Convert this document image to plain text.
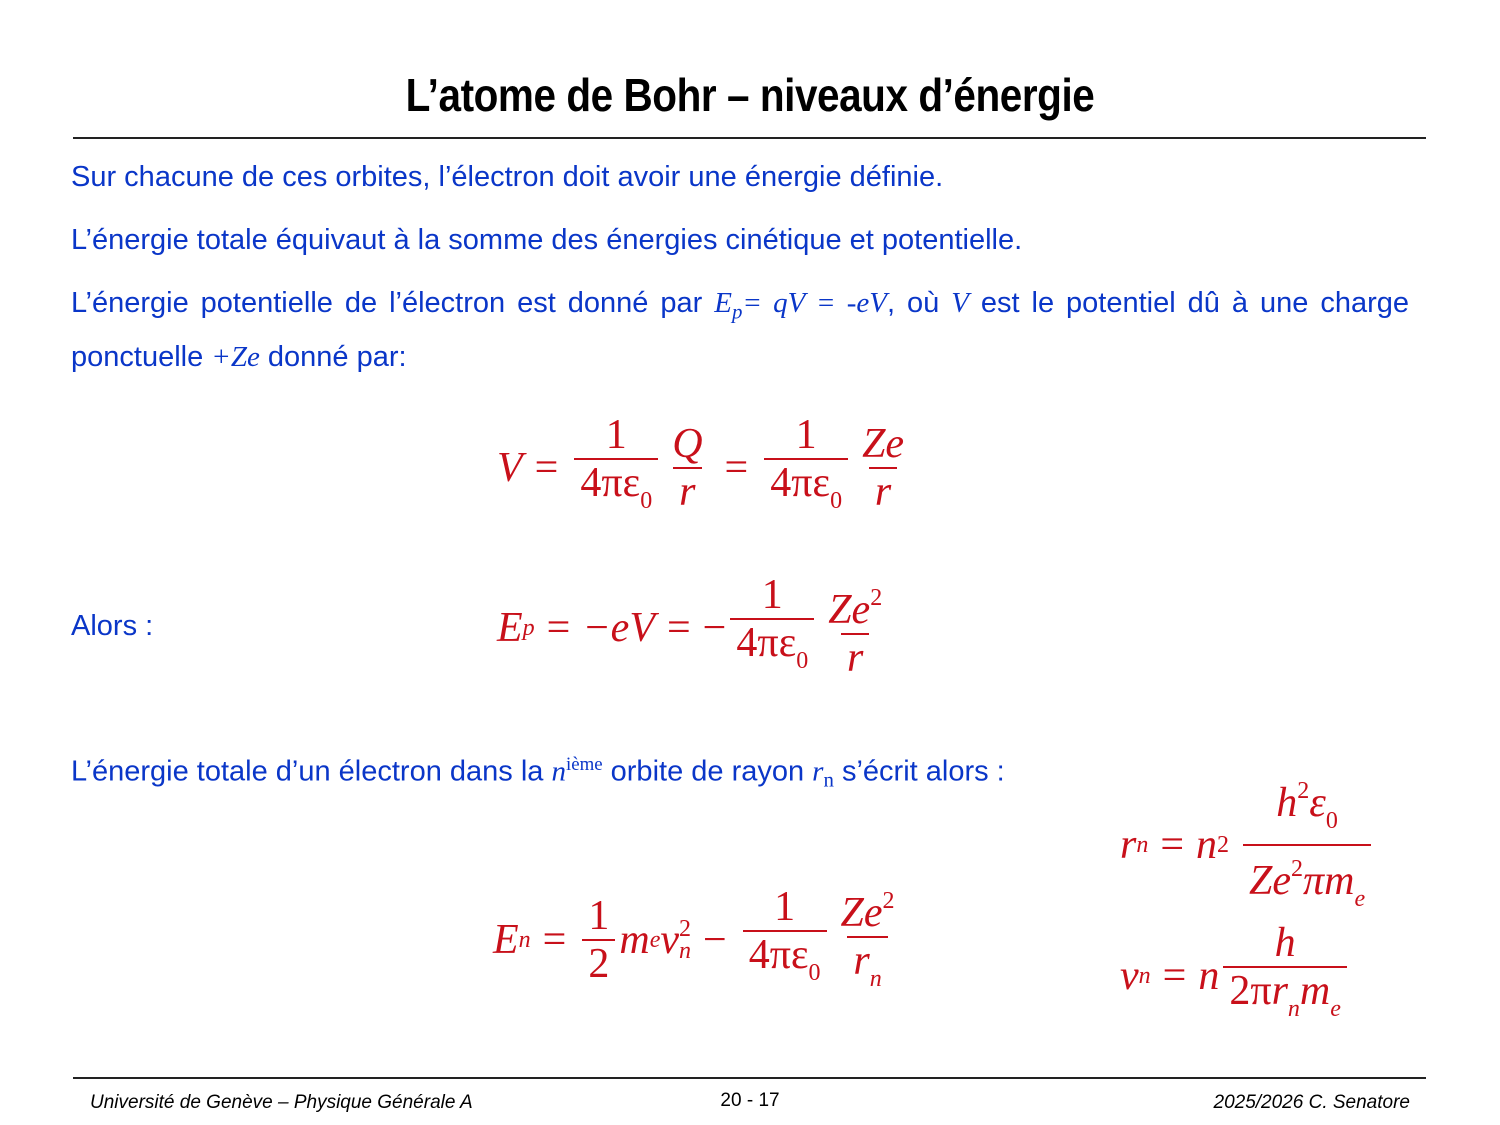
L’atome de Bohr – niveaux d’énergie
Sur chacune de ces orbites, l’électron doit avoir une énergie définie.
L’énergie totale équivaut à la somme des énergies cinétique et potentielle.
L’énergie potentielle de l’électron est donné par $E_p=$ qV = -eV, où V est le potentiel dû à une charge ponctuelle +Ze donné par:
$V = \frac{1}{4\pi\varepsilon_0} \frac{Q}{r} = \frac{1}{4\pi\varepsilon_0} \frac{Ze}{r}$
Alors :	E p = −eV = − $\frac{1}{4\pi\varepsilon_0} \frac{Ze^2}{r}$
L’énergie totale d’un électron dans la $n^{ième}$ orbite de rayon $r_n$ s’écrit alors :
r n = n $2 \frac{h^2\varepsilon_0}{Ze^2\pi m_e}$
E $n = \frac{1}{2}$ m e v 2
$n - \frac{1}{4\pi\varepsilon_0} \frac{Ze^2}{r_n}$	v n = n $\frac{h}{2\pi r_nm_e}$
Université de Genève – Physique Générale A	20 - 17	2025/2026 C. Senatore
